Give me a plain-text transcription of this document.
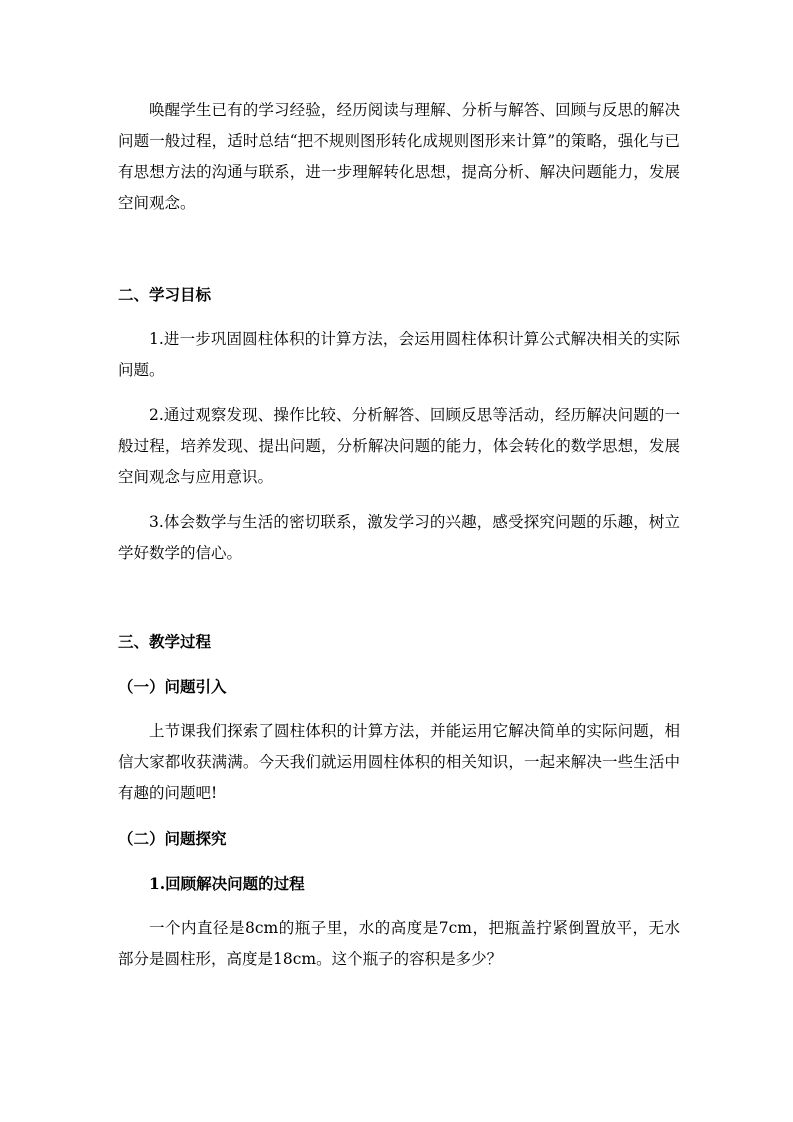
唤醒学生已有的学习经验，经历阅读与理解、分析与解答、回顾与反思的解决问题一般过程，适时总结“把不规则图形转化成规则图形来计算”的策略，强化与已有思想方法的沟通与联系，进一步理解转化思想，提高分析、解决问题能力，发展空间观念。

二、学习目标

1.进一步巩固圆柱体积的计算方法，会运用圆柱体积计算公式解决相关的实际问题。

2.通过观察发现、操作比较、分析解答、回顾反思等活动，经历解决问题的一般过程，培养发现、提出问题，分析解决问题的能力，体会转化的数学思想，发展空间观念与应用意识。

3.体会数学与生活的密切联系，激发学习的兴趣，感受探究问题的乐趣，树立学好数学的信心。

三、教学过程

（一）问题引入

上节课我们探索了圆柱体积的计算方法，并能运用它解决简单的实际问题，相信大家都收获满满。今天我们就运用圆柱体积的相关知识，一起来解决一些生活中有趣的问题吧!

（二）问题探究

1.回顾解决问题的过程

一个内直径是8cm的瓶子里，水的高度是7cm，把瓶盖拧紧倒置放平，无水部分是圆柱形，高度是18cm。这个瓶子的容积是多少？
